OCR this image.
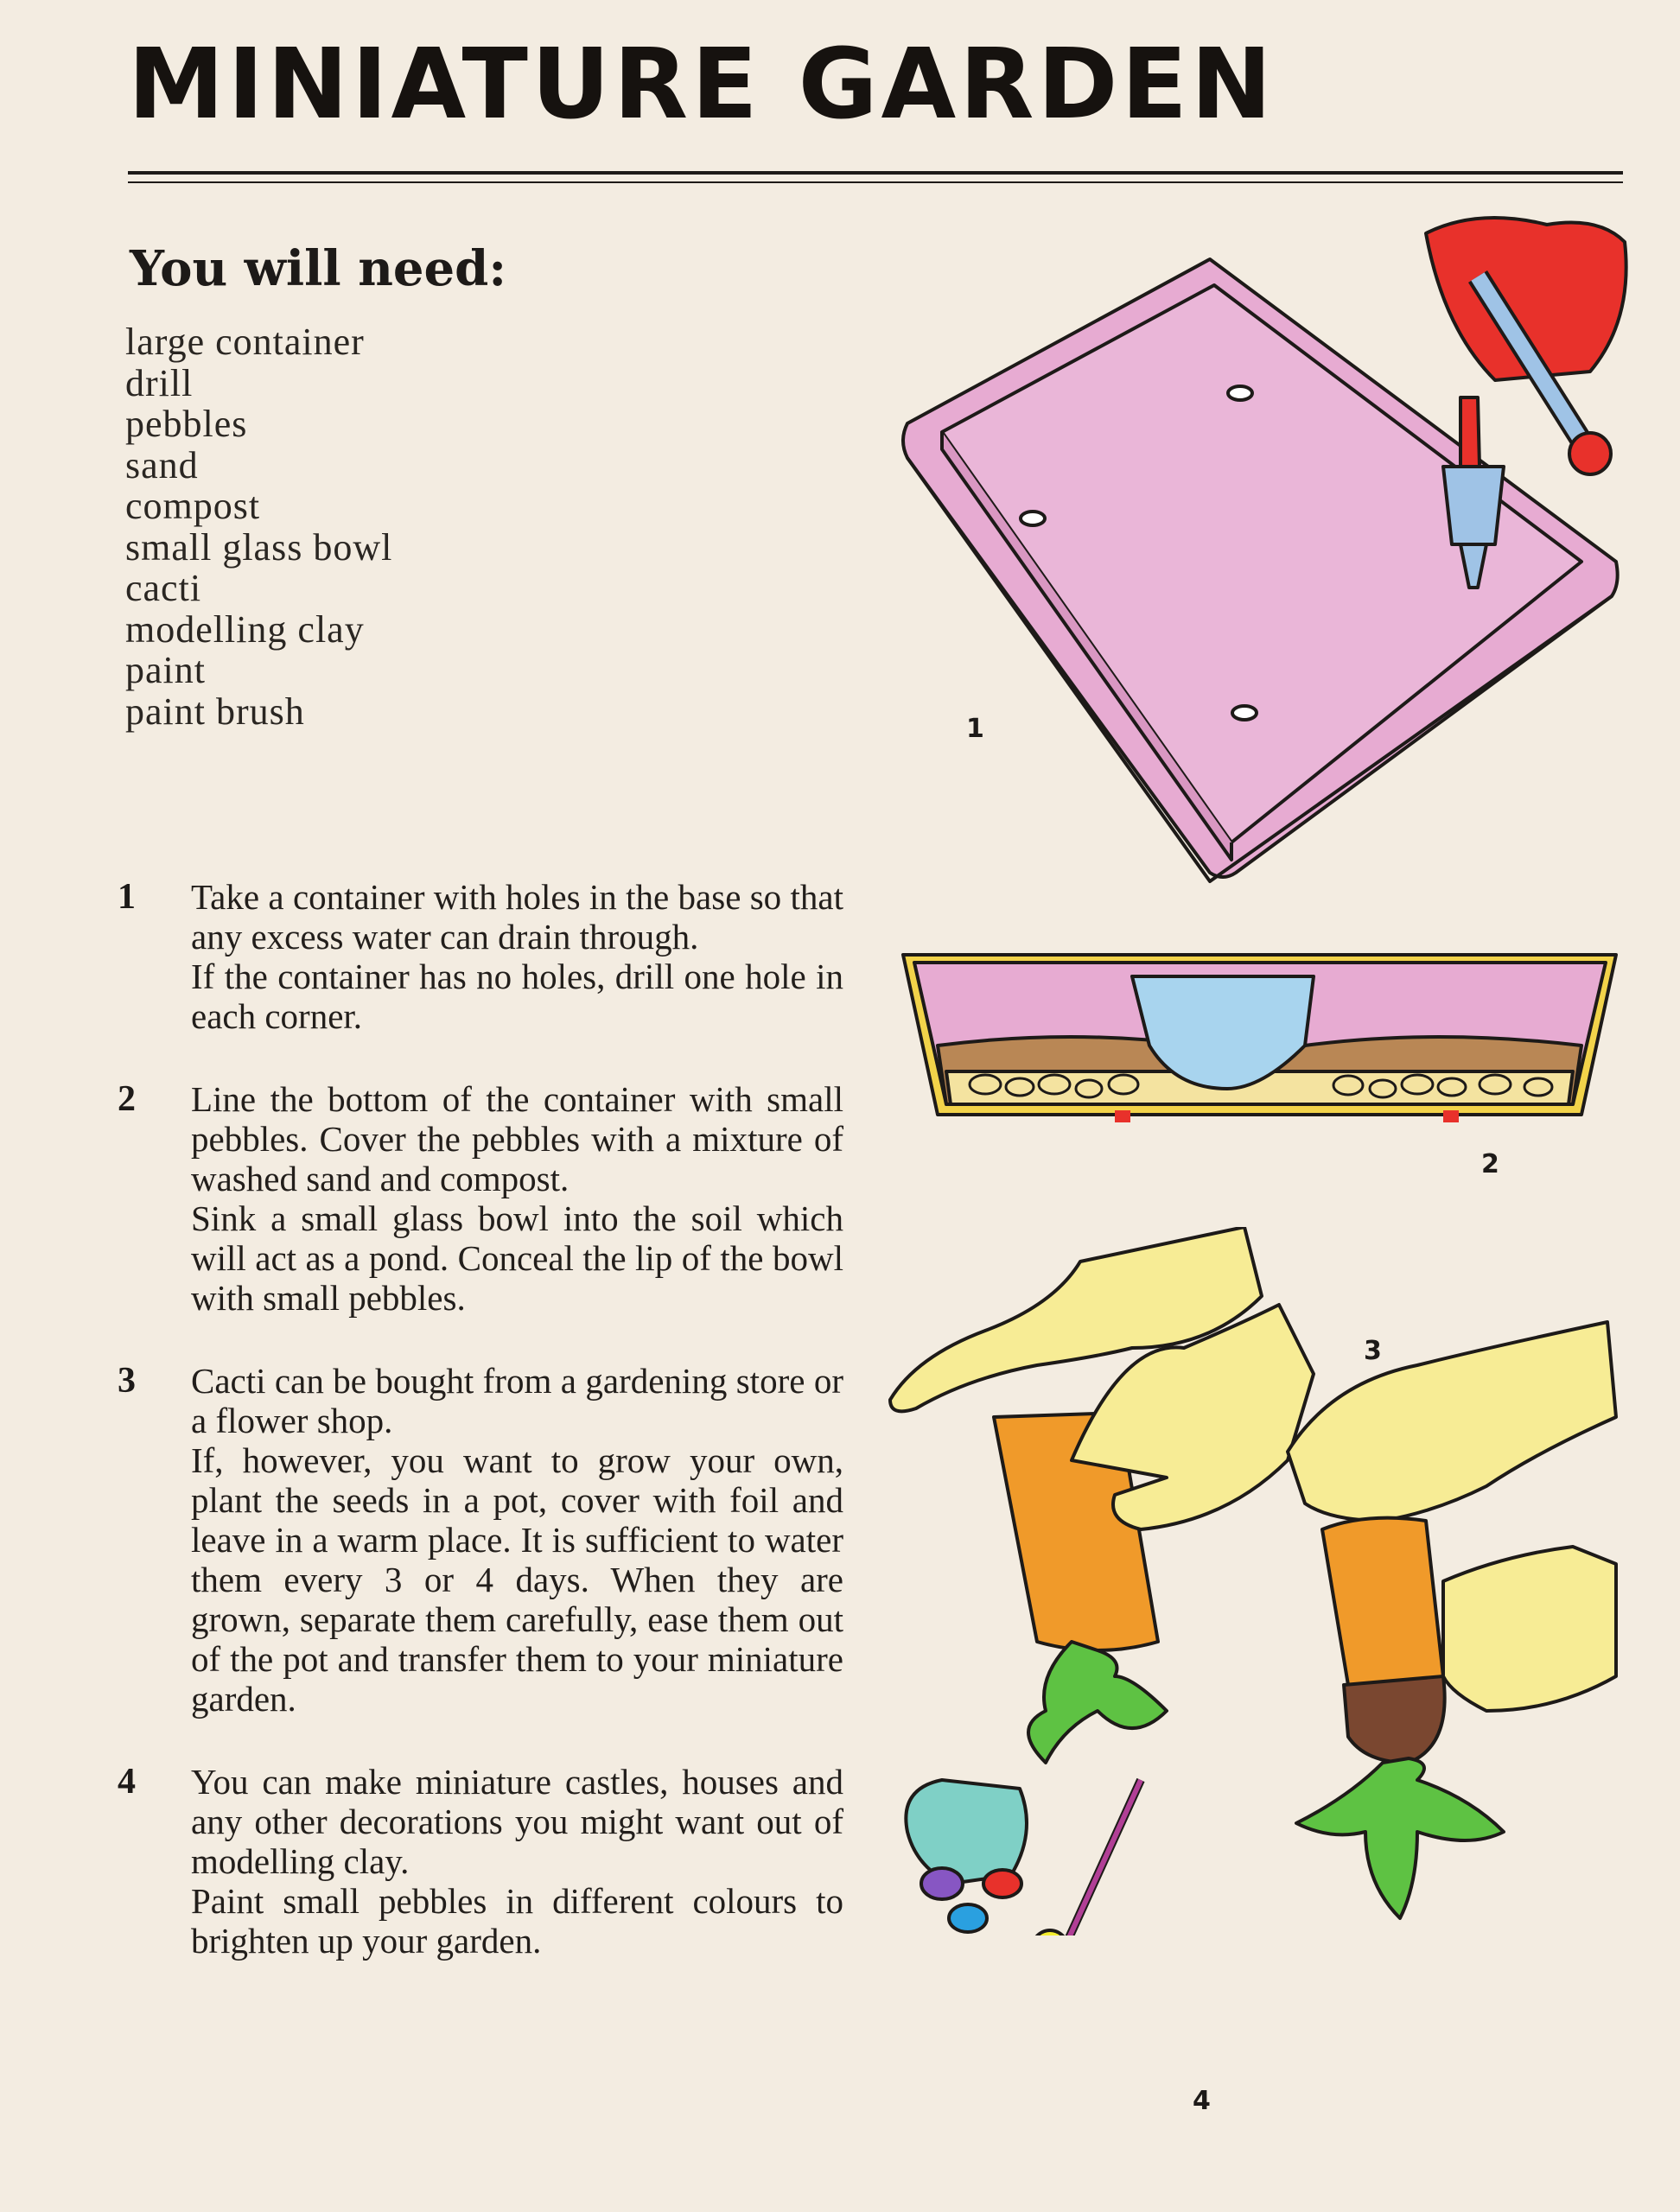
MINIATURE GARDEN
You will need:
large container
drill
pebbles
sand
compost
small glass bowl
cacti
modelling clay
paint
paint brush
1 Take a container with holes in the base so that any excess water can drain through.

If the container has no holes, drill one hole in each corner.

2 Line the bottom of the container with small pebbles. Cover the pebbles with a mixture of washed sand and compost.

Sink a small glass bowl into the soil which will act as a pond. Conceal the lip of the bowl with small pebbles.

3 Cacti can be bought from a gardening store or a flower shop.

If, however, you want to grow your own, plant the seeds in a pot, cover with foil and leave in a warm place. It is sufficient to water them every 3 or 4 days. When they are grown, separate them carefully, ease them out of the pot and transfer them to your miniature garden.

4 You can make miniature castles, houses and any other decorations you might want out of modelling clay.

Paint small pebbles in different colours to brighten up your garden.

1
2
3
4
